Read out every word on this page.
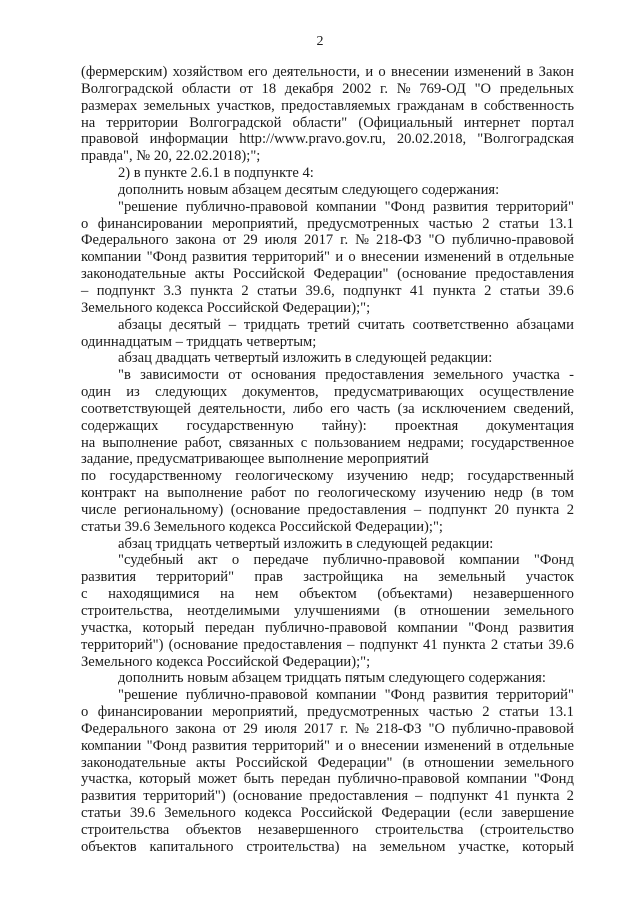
2
(фермерским) хозяйством его деятельности, и о внесении изменений в Закон
Волгоградской области от 18 декабря 2002 г. № 769-ОД "О предельных
размерах земельных участков, предоставляемых гражданам в собственность
на территории Волгоградской области" (Официальный интернет портал
правовой информации http://www.pravo.gov.ru, 20.02.2018, "Волгоградская
правда", № 20, 22.02.2018);";
2) в пункте 2.6.1 в подпункте 4:
дополнить новым абзацем десятым следующего содержания:
"решение публично-правовой компании "Фонд развития территорий"
о финансировании мероприятий, предусмотренных частью 2 статьи 13.1
Федерального закона от 29 июля 2017 г. № 218-ФЗ "О публично-правовой
компании "Фонд развития территорий" и о внесении изменений в отдельные
законодательные акты Российской Федерации" (основание предоставления
– подпункт 3.3 пункта 2 статьи 39.6, подпункт 41 пункта 2 статьи 39.6
Земельного кодекса Российской Федерации);";
абзацы десятый – тридцать третий считать соответственно абзацами
одиннадцатым – тридцать четвертым;
абзац двадцать четвертый изложить в следующей редакции:
"в зависимости от основания предоставления земельного участка -
один из следующих документов, предусматривающих осуществление
соответствующей деятельности, либо его часть (за исключением сведений,
содержащих государственную тайну): проектная документация
на выполнение работ, связанных с пользованием недрами; государственное
задание, предусматривающее выполнение мероприятий
по государственному геологическому изучению недр; государственный
контракт на выполнение работ по геологическому изучению недр (в том
числе региональному) (основание предоставления – подпункт 20 пункта 2
статьи 39.6 Земельного кодекса Российской Федерации);";
абзац тридцать четвертый изложить в следующей редакции:
"судебный акт о передаче публично-правовой компании "Фонд
развития территорий" прав застройщика на земельный участок
с находящимися на нем объектом (объектами) незавершенного
строительства, неотделимыми улучшениями (в отношении земельного
участка, который передан публично-правовой компании "Фонд развития
территорий") (основание предоставления – подпункт 41 пункта 2 статьи 39.6
Земельного кодекса Российской Федерации);";
дополнить новым абзацем тридцать пятым следующего содержания:
"решение публично-правовой компании "Фонд развития территорий"
о финансировании мероприятий, предусмотренных частью 2 статьи 13.1
Федерального закона от 29 июля 2017 г. № 218-ФЗ "О публично-правовой
компании "Фонд развития территорий" и о внесении изменений в отдельные
законодательные акты Российской Федерации" (в отношении земельного
участка, который может быть передан публично-правовой компании "Фонд
развития территорий") (основание предоставления – подпункт 41 пункта 2
статьи 39.6 Земельного кодекса Российской Федерации (если завершение
строительства объектов незавершенного строительства (строительство
объектов капитального строительства) на земельном участке, который
